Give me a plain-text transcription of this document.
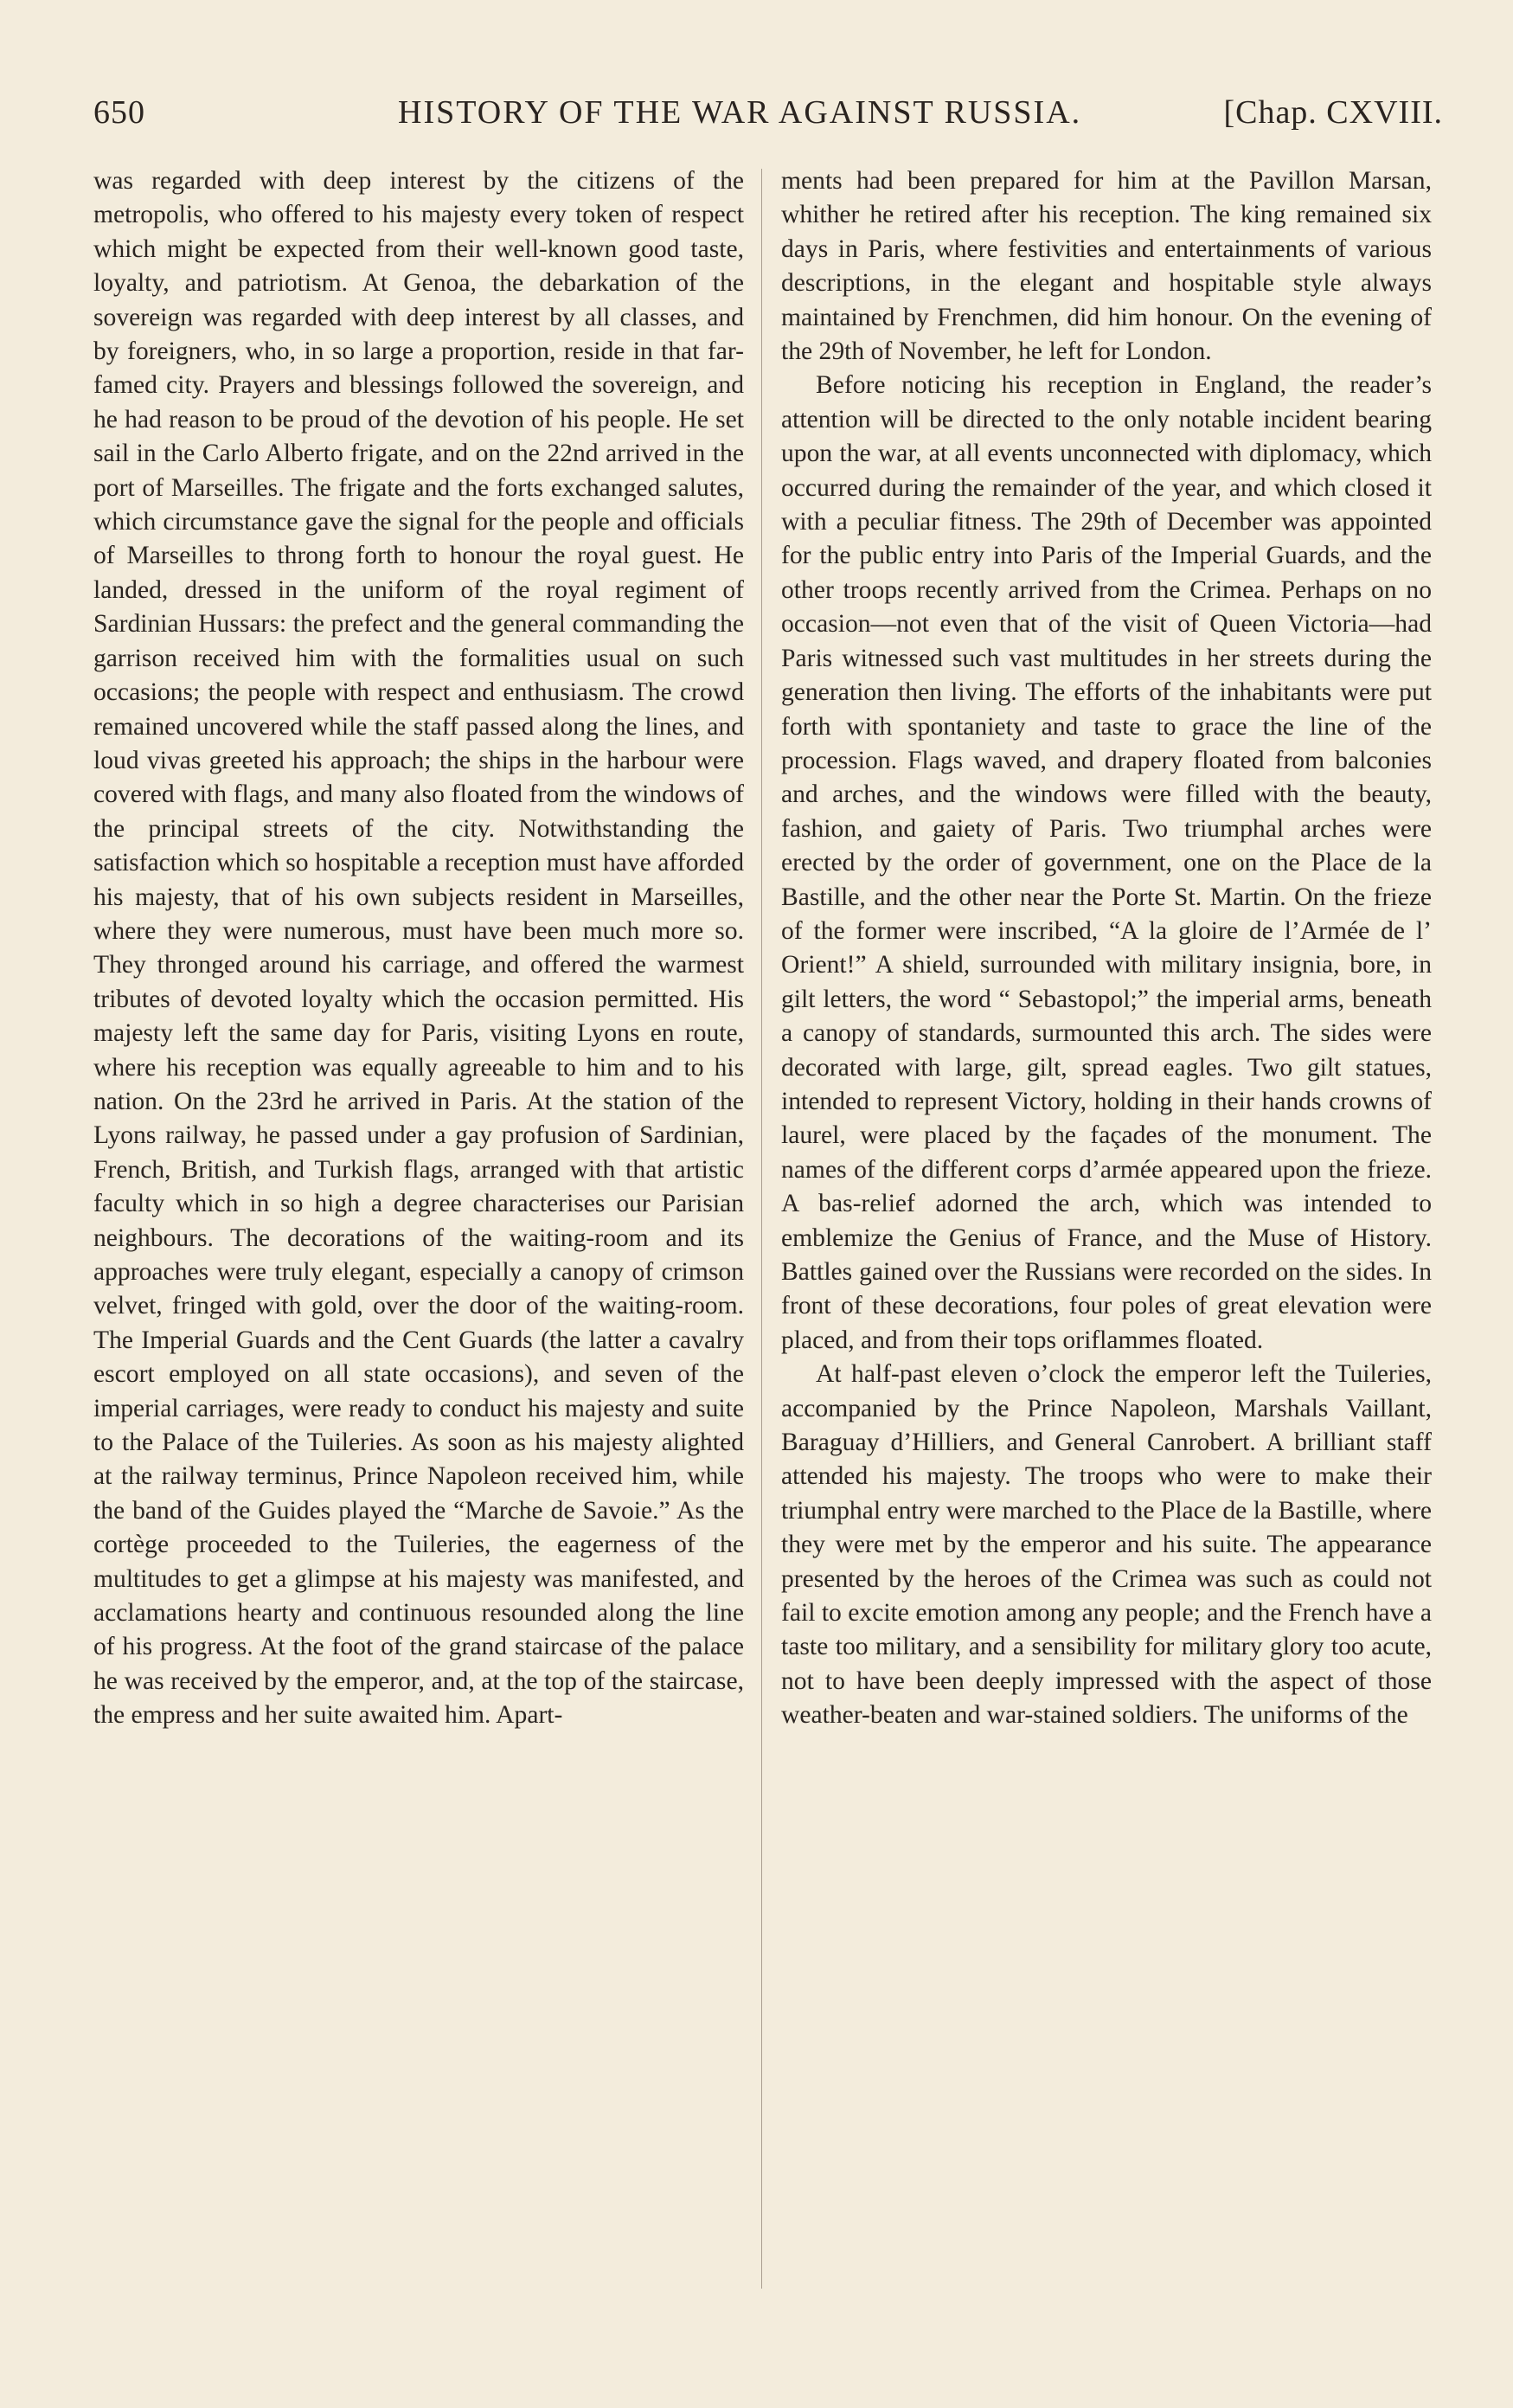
650	HISTORY OF THE WAR AGAINST RUSSIA.	[Chap. CXVIII.

was regarded with deep interest by the citizens of the metropolis, who offered to his majesty every token of respect which might be expected from their well-known good taste, loyalty, and patriotism. At Genoa, the debarkation of the sovereign was regarded with deep interest by all classes, and by foreigners, who, in so large a proportion, reside in that far-famed city. Prayers and blessings followed the sovereign, and he had reason to be proud of the devotion of his people. He set sail in the Carlo Alberto frigate, and on the 22nd arrived in the port of Marseilles. The frigate and the forts exchanged salutes, which circumstance gave the signal for the people and officials of Marseilles to throng forth to honour the royal guest. He landed, dressed in the uniform of the royal regiment of Sardinian Hussars: the prefect and the general commanding the garrison received him with the formalities usual on such occasions; the people with respect and enthusiasm. The crowd remained uncovered while the staff passed along the lines, and loud vivas greeted his approach; the ships in the harbour were covered with flags, and many also floated from the windows of the principal streets of the city. Notwithstanding the satisfaction which so hospitable a reception must have afforded his majesty, that of his own subjects resident in Marseilles, where they were numerous, must have been much more so. They thronged around his carriage, and offered the warmest tributes of devoted loyalty which the occasion permitted. His majesty left the same day for Paris, visiting Lyons en route, where his reception was equally agreeable to him and to his nation. On the 23rd he arrived in Paris. At the station of the Lyons railway, he passed under a gay profusion of Sardinian, French, British, and Turkish flags, arranged with that artistic faculty which in so high a degree characterises our Parisian neighbours. The decorations of the waiting-room and its approaches were truly elegant, especially a canopy of crimson velvet, fringed with gold, over the door of the waiting-room. The Imperial Guards and the Cent Guards (the latter a cavalry escort employed on all state occasions), and seven of the imperial carriages, were ready to conduct his majesty and suite to the Palace of the Tuileries. As soon as his majesty alighted at the railway terminus, Prince Napoleon received him, while the band of the Guides played the “Marche de Savoie.” As the cortège proceeded to the Tuileries, the eagerness of the multitudes to get a glimpse at his majesty was manifested, and acclamations hearty and continuous resounded along the line of his progress. At the foot of the grand staircase of the palace he was received by the emperor, and, at the top of the staircase, the empress and her suite awaited him. Apart-

ments had been prepared for him at the Pavillon Marsan, whither he retired after his reception. The king remained six days in Paris, where festivities and entertainments of various descriptions, in the elegant and hospitable style always maintained by Frenchmen, did him honour. On the evening of the 29th of November, he left for London.

Before noticing his reception in England, the reader’s attention will be directed to the only notable incident bearing upon the war, at all events unconnected with diplomacy, which occurred during the remainder of the year, and which closed it with a peculiar fitness. The 29th of December was appointed for the public entry into Paris of the Imperial Guards, and the other troops recently arrived from the Crimea. Perhaps on no occasion—not even that of the visit of Queen Victoria—had Paris witnessed such vast multitudes in her streets during the generation then living. The efforts of the inhabitants were put forth with spontaniety and taste to grace the line of the procession. Flags waved, and drapery floated from balconies and arches, and the windows were filled with the beauty, fashion, and gaiety of Paris. Two triumphal arches were erected by the order of government, one on the Place de la Bastille, and the other near the Porte St. Martin. On the frieze of the former were inscribed, “A la gloire de l’Armée de l’ Orient!” A shield, surrounded with military insignia, bore, in gilt letters, the word “ Sebastopol;” the imperial arms, beneath a canopy of standards, surmounted this arch. The sides were decorated with large, gilt, spread eagles. Two gilt statues, intended to represent Victory, holding in their hands crowns of laurel, were placed by the façades of the monument. The names of the different corps d’armée appeared upon the frieze. A bas-relief adorned the arch, which was intended to emblemize the Genius of France, and the Muse of History. Battles gained over the Russians were recorded on the sides. In front of these decorations, four poles of great elevation were placed, and from their tops oriflammes floated.

At half-past eleven o’clock the emperor left the Tuileries, accompanied by the Prince Napoleon, Marshals Vaillant, Baraguay d’Hilliers, and General Canrobert. A brilliant staff attended his majesty. The troops who were to make their triumphal entry were marched to the Place de la Bastille, where they were met by the emperor and his suite. The appearance presented by the heroes of the Crimea was such as could not fail to excite emotion among any people; and the French have a taste too military, and a sensibility for military glory too acute, not to have been deeply impressed with the aspect of those weather-beaten and war-stained soldiers. The uniforms of the
